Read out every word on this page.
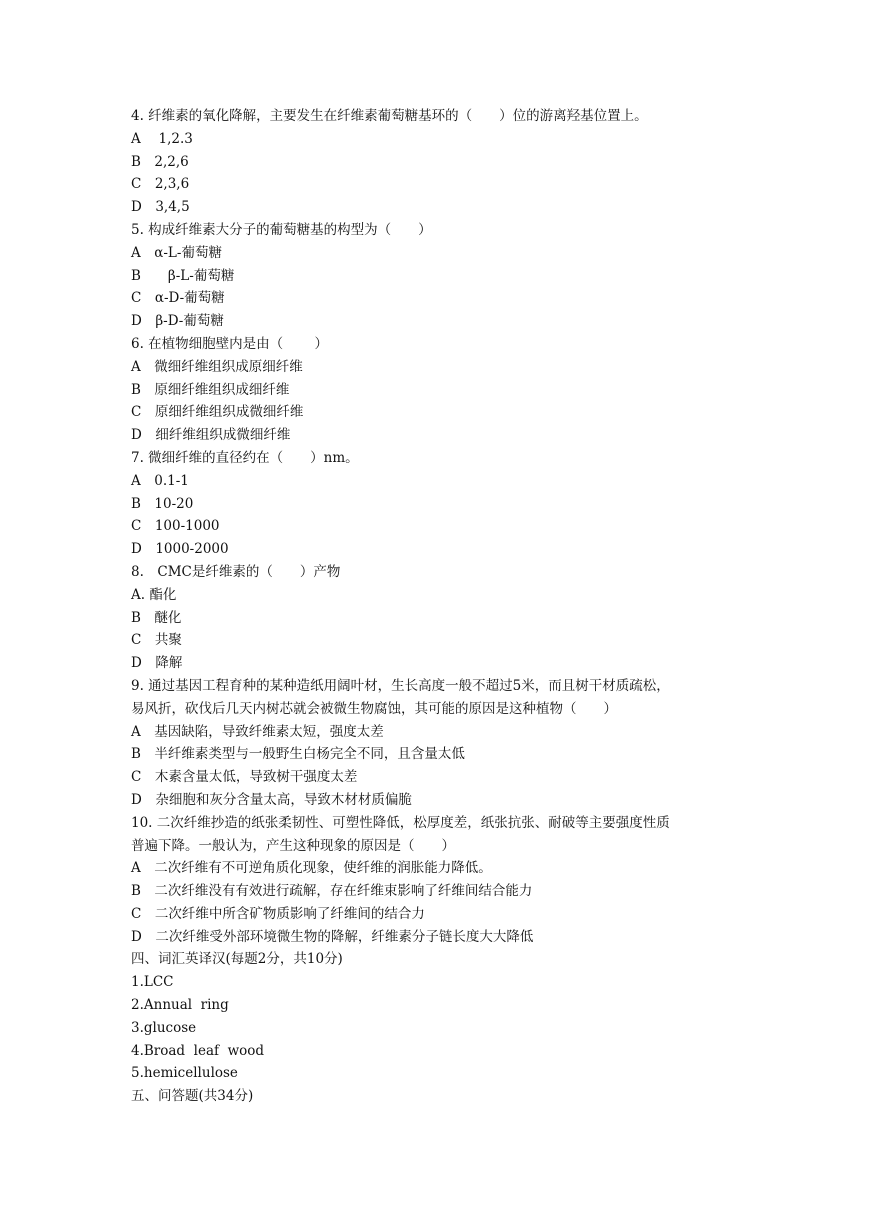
4. 纤维素的氧化降解，主要发生在纤维素葡萄糖基环的（　　）位的游离羟基位置上。
A　 1,2.3
B　2,2,6
C　2,3,6
D　3,4,5
5. 构成纤维素大分子的葡萄糖基的构型为（　　）
A　α-L-葡萄糖
B　　β-L-葡萄糖
C　α-D-葡萄糖
D　β-D-葡萄糖
6. 在植物细胞壁内是由（　　 ）
A　微细纤维组织成原细纤维
B　原细纤维组织成细纤维
C　原细纤维组织成微细纤维
D　细纤维组织成微细纤维
7. 微细纤维的直径约在（　　）nm。
A　0.1-1
B　10-20
C　100-1000
D　1000-2000
8.　CMC是纤维素的（　　）产物
A. 酯化
B　醚化
C　共聚
D　降解
9. 通过基因工程育种的某种造纸用阔叶材，生长高度一般不超过5米，而且树干材质疏松，
易风折，砍伐后几天内树芯就会被微生物腐蚀，其可能的原因是这种植物（　　）
A　基因缺陷，导致纤维素太短，强度太差
B　半纤维素类型与一般野生白杨完全不同，且含量太低
C　木素含量太低，导致树干强度太差
D　杂细胞和灰分含量太高，导致木材材质偏脆
10. 二次纤维抄造的纸张柔韧性、可塑性降低，松厚度差，纸张抗张、耐破等主要强度性质
普遍下降。一般认为，产生这种现象的原因是（　　）
A　二次纤维有不可逆角质化现象，使纤维的润胀能力降低。
B　二次纤维没有有效进行疏解，存在纤维束影响了纤维间结合能力
C　二次纤维中所含矿物质影响了纤维间的结合力
D　二次纤维受外部环境微生物的降解，纤维素分子链长度大大降低
四、词汇英译汉(每题2分，共10分)
1.LCC
2.Annual  ring
3.glucose
4.Broad  leaf  wood
5.hemicellulose
五、问答题(共34分)
